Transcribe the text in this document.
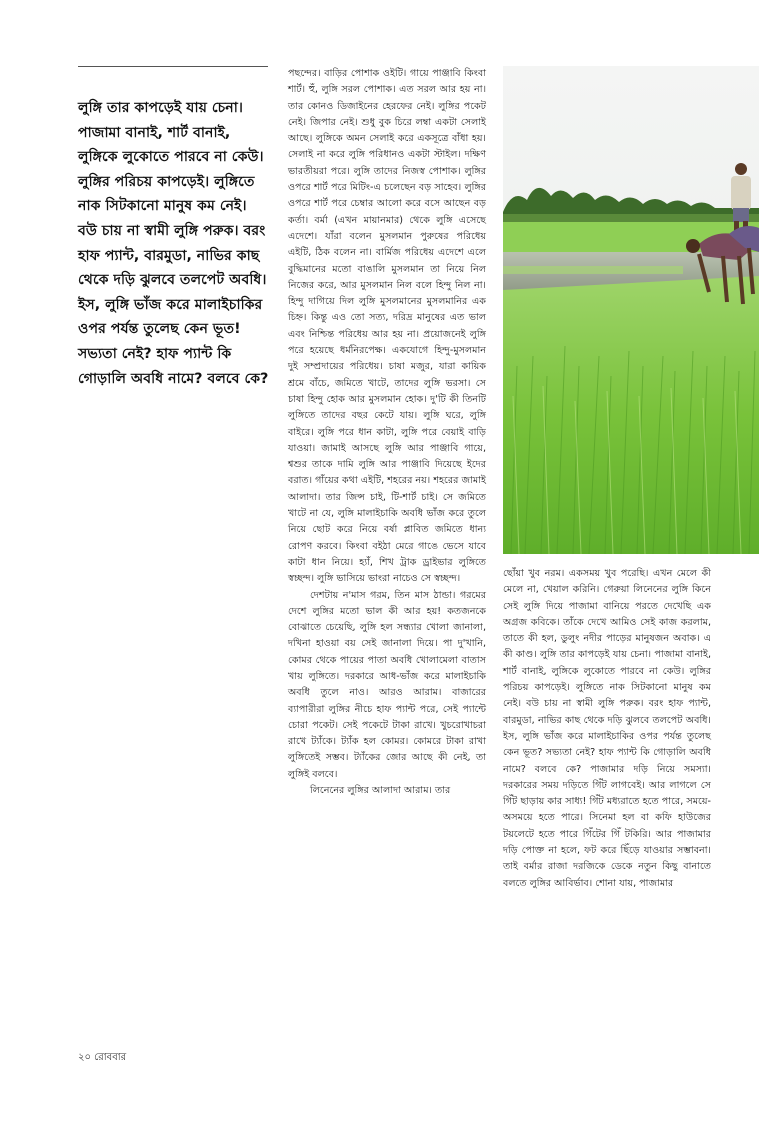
লুঙ্গি তার কাপড়েই যায় চেনা। পাজামা বানাই, শার্ট বানাই, লুঙ্গিকে লুকোতে পারবে না কেউ। লুঙ্গির পরিচয় কাপড়েই। লুঙ্গিতে নাক সিটকানো মানুষ কম নেই। বউ চায় না স্বামী লুঙ্গি পরুক। বরং হাফ প্যান্ট, বারমুডা, নাভির কাছ থেকে দড়ি ঝুলবে তলপেট অবধি। ইস, লুঙ্গি ভাঁজ করে মালাইচাকির ওপর পর্যন্ত তুলেছ কেন ভূত! সভ্যতা নেই? হাফ প্যান্ট কি গোড়ালি অবধি নামে? বলবে কে?

পছন্দের। বাড়ির পোশাক ওইটি। গায়ে পাঞ্জাবি কিংবা শার্ট। হুঁ, লুঙ্গি সরল পোশাক। এত সরল আর হয় না। তার কোনও ডিজাইনের হেরফের নেই। লুঙ্গির পকেট নেই। জিপার নেই। শুধু বুক চিরে লম্বা একটা সেলাই আছে। লুঙ্গিকে অমন সেলাই করে একসূত্রে বাঁধা হয়। সেলাই না করে লুঙ্গি পরিধানও একটা স্টাইল। দক্ষিণ ভারতীয়রা পরে। লুঙ্গি তাদের নিজস্ব পোশাক। লুঙ্গির ওপরে শার্ট পরে মিটিং-এ চলেছেন বড় সাহেব। লুঙ্গির ওপরে শার্ট পরে চেম্বার আলো করে বসে আছেন বড় কর্তা। বর্মা (এখন মায়ানমার) থেকে লুঙ্গি এসেছে এদেশে। যাঁরা বলেন মুসলমান পুরুষের পরিধেয় এইটি, ঠিক বলেন না। বার্মিজ পরিধেয় এদেশে এলে বুদ্ধিমানের মতো বাঙালি মুসলমান তা নিয়ে নিল নিজের করে, আর মুসলমান নিল বলে হিন্দু নিল না। হিন্দু দাগিয়ে দিল লুঙ্গি মুসলমানের মুসলমানির এক চিহ্ন। কিন্তু এও তো সত্য, দরিদ্র মানুষের এত ভাল এবং নিশ্চিন্ত পরিধেয় আর হয় না। প্রয়োজনেই লুঙ্গি পরে হয়েছে ধর্মনিরপেক্ষ। একযোগে হিন্দু-মুসলমান দুই সম্প্রদায়ের পরিধেয়। চাষা মজুর, যারা কায়িক শ্রমে বাঁচে, জমিতে খাটে, তাদের লুঙ্গি ভরসা। সে চাষা হিন্দু হোক আর মুসলমান হোক। দু'টি কী তিনটি লুঙ্গিতে তাদের বছর কেটে যায়। লুঙ্গি ঘরে, লুঙ্গি বাইরে। লুঙ্গি পরে ধান কাটা, লুঙ্গি পরে বেয়াই বাড়ি যাওয়া। জামাই আসছে লুঙ্গি আর পাঞ্জাবি গায়ে, শ্বশুর তাকে দামি লুঙ্গি আর পাঞ্জাবি দিয়েছে ইদের বরাত। গাঁয়ের কথা এইটি, শহরের নয়। শহরের জামাই আলাদা। তার জিন্স চাই, টি-শার্ট চাই। সে জমিতে খাটে না যে, লুঙ্গি মালাইচাকি অবধি ভাঁজ করে তুলে নিয়ে ছোট করে নিয়ে বর্ষা প্লাবিত জমিতে ধান্য রোপণ করবে। কিংবা বইঠা মেরে গাঙে ভেসে যাবে কাটা ধান নিয়ে। হ্যাঁ, শিখ ট্রাক ড্রাইভার লুঙ্গিতে স্বচ্ছন্দ। লুঙ্গি ভাসিয়ে ভাংরা নাচেও সে স্বচ্ছন্দ।

দেশটায় ন'মাস গরম, তিন মাস ঠান্ডা। গরমের দেশে লুঙ্গির মতো ভাল কী আর হয়! কতজনকে বোঝাতে চেয়েছি, লুঙ্গি হল সন্ধ্যার খোলা জানালা, দখিনা হাওয়া বয় সেই জানালা দিয়ে। পা দু'খানি, কোমর থেকে পায়ের পাতা অবধি খোলামেলা বাতাস খায় লুঙ্গিতে। দরকারে আধ-ভাঁজ করে মালাইচাকি অবধি তুলে নাও। আরও আরাম। বাজারের ব্যাপারীরা লুঙ্গির নীচে হাফ প্যান্ট পরে, সেই প্যান্টে চোরা পকেট। সেই পকেটে টাকা রাখে। খুচরোখাচরা রাখে ট্যাঁকে। ট্যাঁক হল কোমর। কোমরে টাকা রাখা লুঙ্গিতেই সম্ভব। ট্যাঁকের জোর আছে কী নেই, তা লুঙ্গিই বলবে।

লিনেনের লুঙ্গির আলাদা আরাম। তার

ছোঁয়া খুব নরম। একসময় খুব পরেছি। এখন মেলে কী মেলে না, খেয়াল করিনি। গেরুয়া লিনেনের লুঙ্গি কিনে সেই লুঙ্গি দিয়ে পাজামা বানিয়ে পরতে দেখেছি এক অগ্রজ কবিকে। তাঁকে দেখে আমিও সেই কাজ করলাম, তাতে কী হল, ডুলুং নদীর পাড়ের মানুষজন অবাক। এ কী কাণ্ড। লুঙ্গি তার কাপড়েই যায় চেনা। পাজামা বানাই, শার্ট বানাই, লুঙ্গিকে লুকোতে পারবে না কেউ। লুঙ্গির পরিচয় কাপড়েই। লুঙ্গিতে নাক সিটকানো মানুষ কম নেই। বউ চায় না স্বামী লুঙ্গি পরুক। বরং হাফ প্যান্ট, বারমুডা, নাভির কাছ থেকে দড়ি ঝুলবে তলপেট অবধি। ইস, লুঙ্গি ভাঁজ করে মালাইচাকির ওপর পর্যন্ত তুলেছ কেন ভূত? সভ্যতা নেই? হাফ প্যান্ট কি গোড়ালি অবধি নামে? বলবে কে? পাজামার দড়ি নিয়ে সমস্যা। দরকারের সময় দড়িতে গিঁট লাগবেই। আর লাগলে সে গিঁট ছাড়ায় কার সাধ্য! গিঁট মধ্যরাতে হতে পারে, সময়ে-অসময়ে হতে পারে। সিনেমা হল বা কফি হাউজের টয়লেটে হতে পারে গিঁটের গিঁ টকিরি। আর পাজামার দড়ি পোক্ত না হলে, ফট করে ছিঁড়ে যাওয়ার সম্ভাবনা। তাই বর্মার রাজা দরজিকে ডেকে নতুন কিছু বানাতে বলতে লুঙ্গির আবির্ভাব। শোনা যায়, পাজামার

২০ রোববার
